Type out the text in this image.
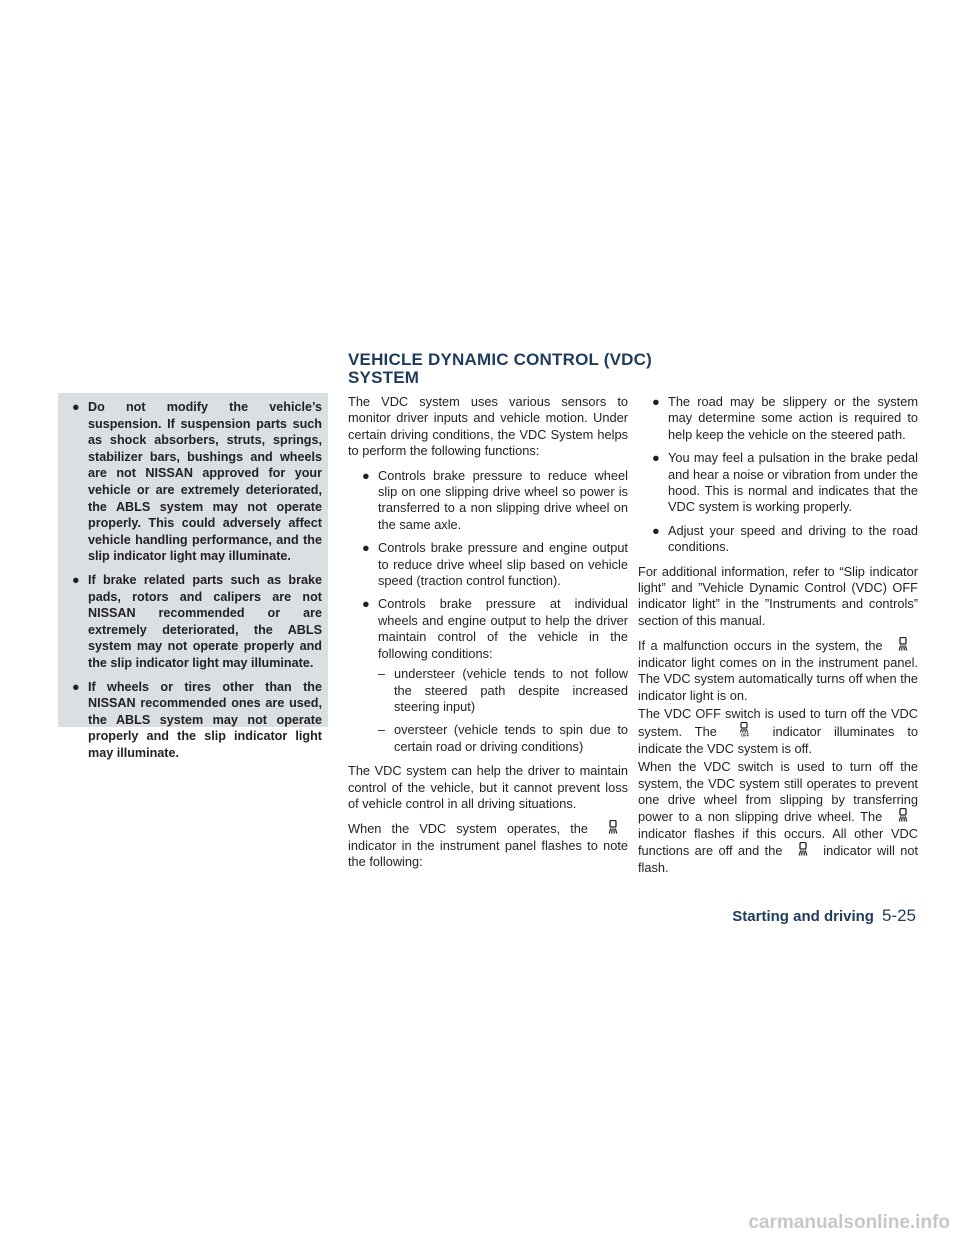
● Do not modify the vehicle’s suspension. If suspension parts such as shock absorbers, struts, springs, stabilizer bars, bushings and wheels are not NISSAN approved for your vehicle or are extremely deteriorated, the ABLS system may not operate properly. This could adversely affect vehicle handling performance, and the slip indicator light may illuminate.
● If brake related parts such as brake pads, rotors and calipers are not NISSAN recommended or are extremely deteriorated, the ABLS system may not operate properly and the slip indicator light may illuminate.
● If wheels or tires other than the NISSAN recommended ones are used, the ABLS system may not operate properly and the slip indicator light may illuminate.
VEHICLE DYNAMIC CONTROL (VDC)
SYSTEM

The VDC system uses various sensors to monitor driver inputs and vehicle motion. Under certain driving conditions, the VDC System helps to perform the following functions:

● Controls brake pressure to reduce wheel slip on one slipping drive wheel so power is transferred to a non slipping drive wheel on the same axle.
● Controls brake pressure and engine output to reduce drive wheel slip based on vehicle speed (traction control function).
● Controls brake pressure at individual wheels and engine output to help the driver maintain control of the vehicle in the following conditions:
– understeer (vehicle tends to not follow the steered path despite increased steering input)
– oversteer (vehicle tends to spin due to certain road or driving conditions)

The VDC system can help the driver to maintain control of the vehicle, but it cannot prevent loss of vehicle control in all driving situations.

When the VDC system operates, the  indicator in the instrument panel flashes to note the following:

● The road may be slippery or the system may determine some action is required to help keep the vehicle on the steered path.
● You may feel a pulsation in the brake pedal and hear a noise or vibration from under the hood. This is normal and indicates that the VDC system is working properly.
● Adjust your speed and driving to the road conditions.

For additional information, refer to “Slip indicator light” and ”Vehicle Dynamic Control (VDC) OFF indicator light” in the ”Instruments and controls” section of this manual.

If a malfunction occurs in the system, the  indicator light comes on in the instrument panel. The VDC system automatically turns off when the indicator light is on.

The VDC OFF switch is used to turn off the VDC system. The	OFF indicator illuminates to indicate the VDC system is off.

When the VDC switch is used to turn off the system, the VDC system still operates to prevent one drive wheel from slipping by transferring power to a non slipping drive wheel. The  indicator flashes if this occurs. All other VDC functions are off and the	indicator will not flash.

Starting and driving 5-25
carmanualsonline.info
